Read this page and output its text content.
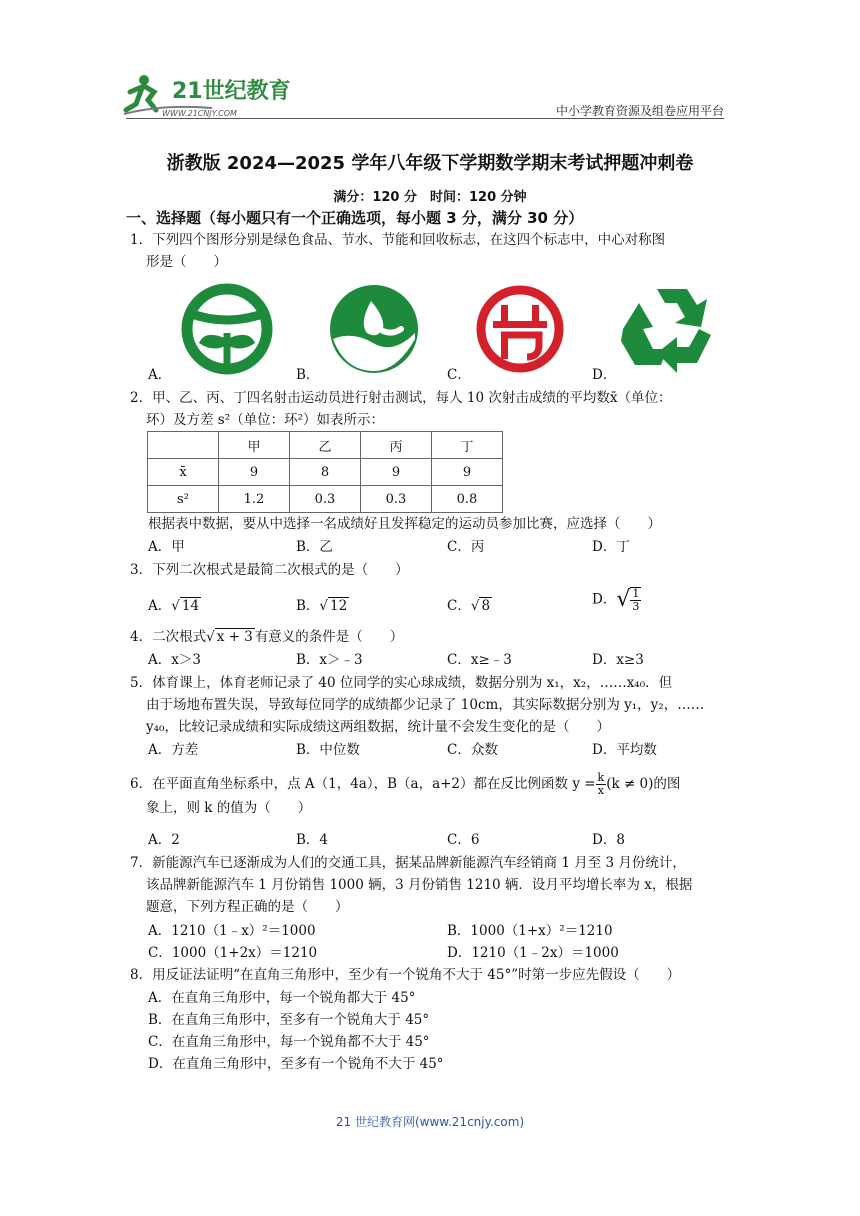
21世纪教育
WWW.21CNJY.COM	中小学教育资源及组卷应用平台
浙教版 2024—2025 学年八年级下学期数学期末考试押题冲刺卷
满分：120 分　时间：120 分钟
一、选择题（每小题只有一个正确选项，每小题 3 分，满分 30 分）
1．下列四个图形分别是绿色食品、节水、节能和回收标志，在这四个标志中，中心对称图
形是（　　）
A．	B．	C．	D．
2．甲、乙、丙、丁四名射击运动员进行射击测试，每人 10 次射击成绩的平均数x̄（单位：
环）及方差 s²（单位：环²）如表所示：
	甲	乙	丙	丁
x̄	9	8	9	9
s²	1.2	0.3	0.3	0.8
根据表中数据，要从中选择一名成绩好且发挥稳定的运动员参加比赛，应选择（　　）
A．甲	B．乙	C．丙	D．丁
3．下列二次根式是最简二次根式的是（　　）
A．√ 14	B．√ 12	C．√ 8	D．√ $\frac{1}{3}$
4．二次根式√ x + 3 有意义的条件是（　　）
A．x＞3	B．x＞﹣3	C．x≥﹣3	D．x≥3
5．体育课上，体育老师记录了 40 位同学的实心球成绩，数据分别为 x₁，x₂，……x₄₀．但
由于场地布置失误，导致每位同学的成绩都少记录了 10cm，其实际数据分别为 y₁，y₂，……
y₄₀，比较记录成绩和实际成绩这两组数据，统计量不会发生变化的是（　　）
A．方差	B．中位数	C．众数	D．平均数
6．在平面直角坐标系中，点 A（1，4a），B（a，a+2）都在反比例函数 $y = \frac{k}{x} (k \ne 0)$的图
象上，则 k 的值为（　　）
A．2	B．4	C．6	D．8
7．新能源汽车已逐渐成为人们的交通工具，据某品牌新能源汽车经销商 1 月至 3 月份统计，
该品牌新能源汽车 1 月份销售 1000 辆，3 月份销售 1210 辆．设月平均增长率为 x，根据
题意，下列方程正确的是（　　）
A．1210（1﹣x）²＝1000	B．1000（1+x）²＝1210
C．1000（1+2x）＝1210	D．1210（1﹣2x）＝1000
8．用反证法证明“在直角三角形中，至少有一个锐角不大于 45°”时第一步应先假设（　　）
A．在直角三角形中，每一个锐角都大于 45°
B．在直角三角形中，至多有一个锐角大于 45°
C．在直角三角形中，每一个锐角都不大于 45°
D．在直角三角形中，至多有一个锐角不大于 45°
21 世纪教育网(www.21cnjy.com)
